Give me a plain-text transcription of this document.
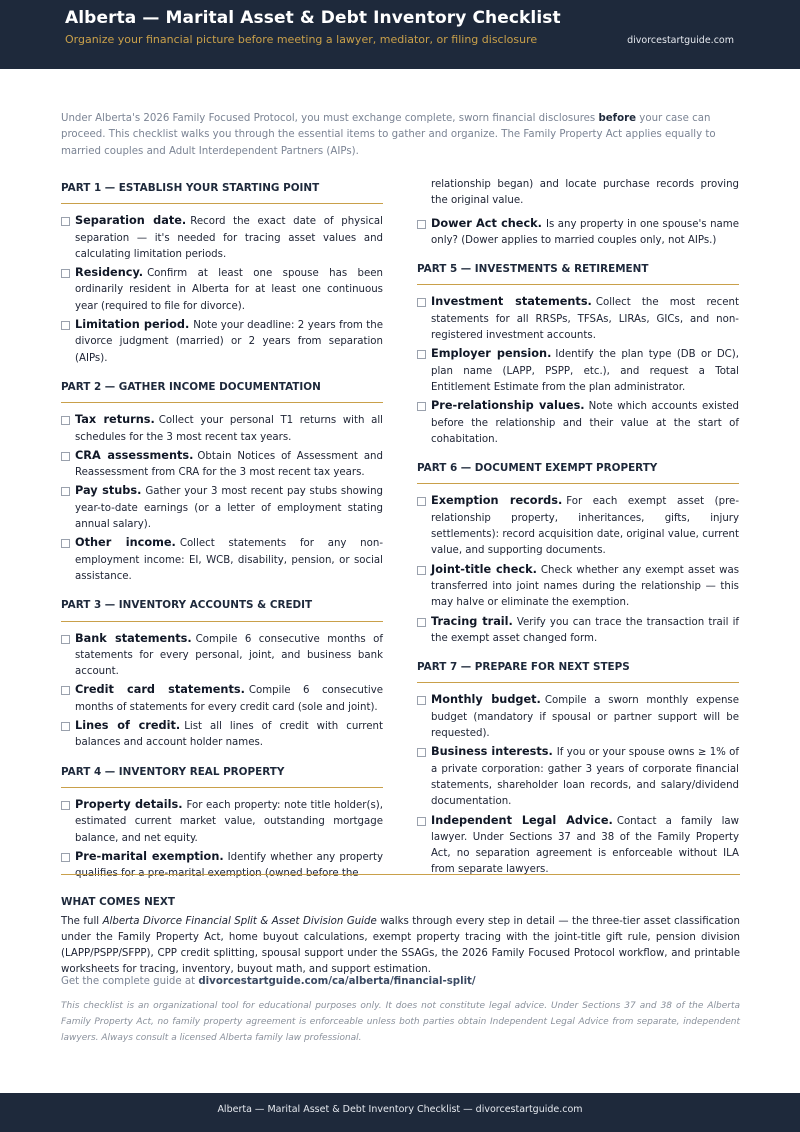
Alberta — Marital Asset & Debt Inventory Checklist
Organize your financial picture before meeting a lawyer, mediator, or filing disclosure	divorcestartguide.com

Under Alberta's 2026 Family Focused Protocol, you must exchange complete, sworn financial disclosures before your case can proceed. This checklist walks you through the essential items to gather and organize. The Family Property Act applies equally to married couples and Adult Interdependent Partners (AIPs).

PART 1 — ESTABLISH YOUR STARTING POINT
Separation date. Record the exact date of physical separation — it's needed for tracing asset values and calculating limitation periods.
Residency. Confirm at least one spouse has been ordinarily resident in Alberta for at least one continuous year (required to file for divorce).
Limitation period. Note your deadline: 2 years from the divorce judgment (married) or 2 years from separation (AIPs).
PART 2 — GATHER INCOME DOCUMENTATION
Tax returns. Collect your personal T1 returns with all schedules for the 3 most recent tax years.
CRA assessments. Obtain Notices of Assessment and Reassessment from CRA for the 3 most recent tax years.
Pay stubs. Gather your 3 most recent pay stubs showing year-to-date earnings (or a letter of employment stating annual salary).
Other income. Collect statements for any non-employment income: EI, WCB, disability, pension, or social assistance.
PART 3 — INVENTORY ACCOUNTS & CREDIT
Bank statements. Compile 6 consecutive months of statements for every personal, joint, and business bank account.
Credit card statements. Compile 6 consecutive months of statements for every credit card (sole and joint).
Lines of credit. List all lines of credit with current balances and account holder names.
PART 4 — INVENTORY REAL PROPERTY
Property details. For each property: note title holder(s), estimated current market value, outstanding mortgage balance, and net equity.
Pre-marital exemption. Identify whether any property qualifies for a pre-marital exemption (owned before the
relationship began) and locate purchase records proving the original value.
Dower Act check. Is any property in one spouse's name only? (Dower applies to married couples only, not AIPs.)
PART 5 — INVESTMENTS & RETIREMENT
Investment statements. Collect the most recent statements for all RRSPs, TFSAs, LIRAs, GICs, and non-registered investment accounts.
Employer pension. Identify the plan type (DB or DC), plan name (LAPP, PSPP, etc.), and request a Total Entitlement Estimate from the plan administrator.
Pre-relationship values. Note which accounts existed before the relationship and their value at the start of cohabitation.
PART 6 — DOCUMENT EXEMPT PROPERTY
Exemption records. For each exempt asset (pre-relationship property, inheritances, gifts, injury settlements): record acquisition date, original value, current value, and supporting documents.
Joint-title check. Check whether any exempt asset was transferred into joint names during the relationship — this may halve or eliminate the exemption.
Tracing trail. Verify you can trace the transaction trail if the exempt asset changed form.
PART 7 — PREPARE FOR NEXT STEPS
Monthly budget. Compile a sworn monthly expense budget (mandatory if spousal or partner support will be requested).
Business interests. If you or your spouse owns ≥ 1% of a private corporation: gather 3 years of corporate financial statements, shareholder loan records, and salary/dividend documentation.
Independent Legal Advice. Contact a family law lawyer. Under Sections 37 and 38 of the Family Property Act, no separation agreement is enforceable without ILA from separate lawyers.
WHAT COMES NEXT

The full Alberta Divorce Financial Split & Asset Division Guide walks through every step in detail — the three-tier asset classification under the Family Property Act, home buyout calculations, exempt property tracing with the joint-title gift rule, pension division (LAPP/PSPP/SFPP), CPP credit splitting, spousal support under the SSAGs, the 2026 Family Focused Protocol workflow, and printable worksheets for tracing, inventory, buyout math, and support estimation.

Get the complete guide at divorcestartguide.com/ca/alberta/financial-split/

This checklist is an organizational tool for educational purposes only. It does not constitute legal advice. Under Sections 37 and 38 of the Alberta Family Property Act, no family property agreement is enforceable unless both parties obtain Independent Legal Advice from separate, independent lawyers. Always consult a licensed Alberta family law professional.

Alberta — Marital Asset & Debt Inventory Checklist — divorcestartguide.com
